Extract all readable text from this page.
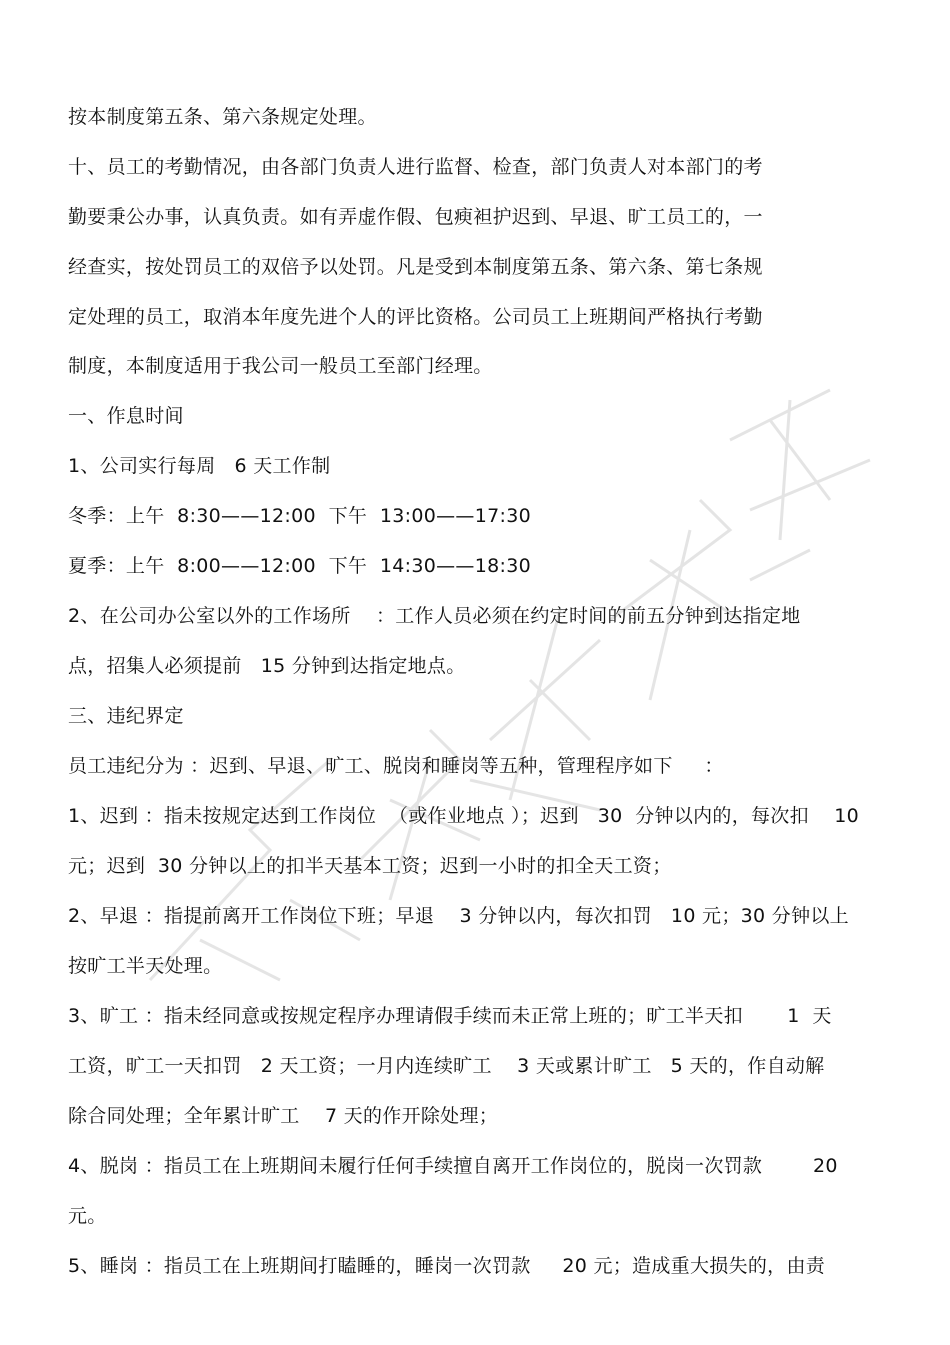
按本制度第五条、第六条规定处理。
十、员工的考勤情况，由各部门负责人进行监督、检查，部门负责人对本部门的考
勤要秉公办事，认真负责。如有弄虚作假、包瘐袒护迟到、早退、旷工员工的，一
经查实，按处罚员工的双倍予以处罚。凡是受到本制度第五条、第六条、第七条规
定处理的员工，取消本年度先进个人的评比资格。公司员工上班期间严格执行考勤
制度，本制度适用于我公司一般员工至部门经理。
一、作息时间
1、公司实行每周   6 天工作制
冬季：上午  8:30——12:00  下午  13:00——17:30
夏季：上午  8:00——12:00  下午  14:30——18:30
2、在公司办公室以外的工作场所    ：工作人员必须在约定时间的前五分钟到达指定地
点，招集人必须提前   15 分钟到达指定地点。
三、违纪界定
员工违纪分为 ：迟到、早退、旷工、脱岗和睡岗等五种，管理程序如下     ：
1、迟到 ：指未按规定达到工作岗位  （或作业地点 ）；迟到   30  分钟以内的，每次扣    10
元；迟到  30 分钟以上的扣半天基本工资；迟到一小时的扣全天工资；
2、早退 ：指提前离开工作岗位下班；早退    3 分钟以内，每次扣罚   10 元；30 分钟以上
按旷工半天处理。
3、旷工 ：指未经同意或按规定程序办理请假手续而未正常上班的；旷工半天扣       1  天
工资，旷工一天扣罚   2 天工资；一月内连续旷工    3 天或累计旷工   5 天的，作自动解
除合同处理；全年累计旷工    7 天的作开除处理；
4、脱岗 ：指员工在上班期间未履行任何手续擅自离开工作岗位的，脱岗一次罚款        20
元。
5、睡岗 ：指员工在上班期间打瞌睡的，睡岗一次罚款     20 元；造成重大损失的，由责
